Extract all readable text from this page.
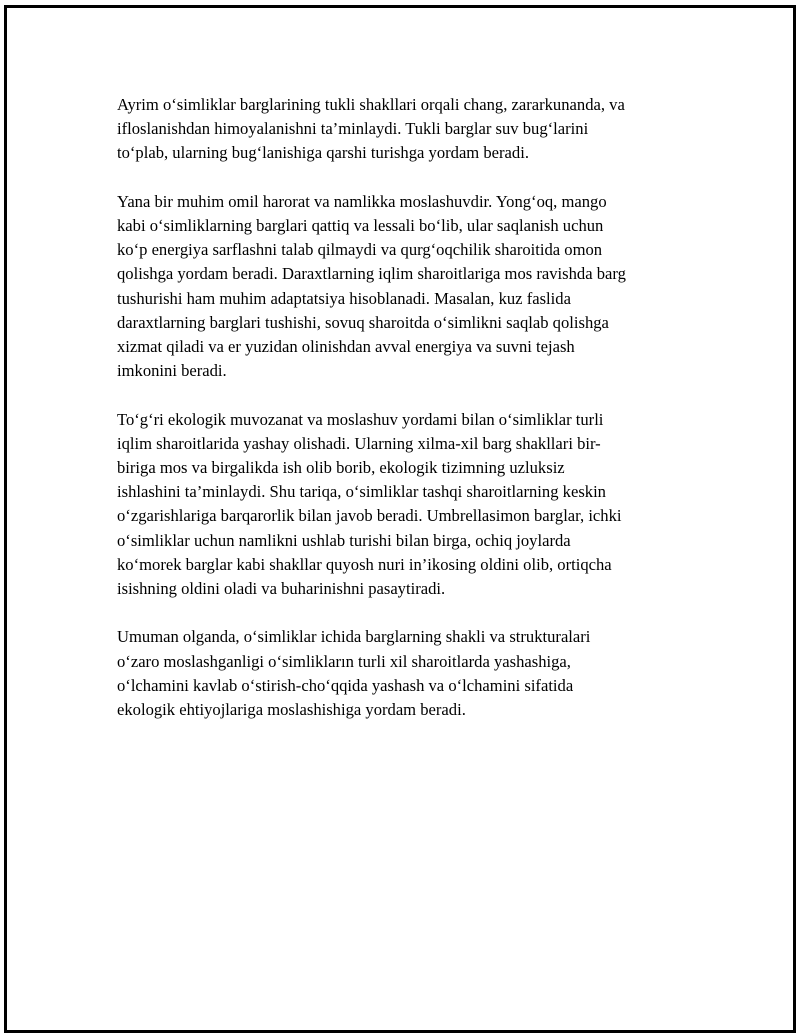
Ayrim o‘simliklar barglarining tukli shakllari orqali chang, zararkunanda, va
ifloslanishdan himoyalanishni ta’minlaydi. Tukli barglar suv bug‘larini
to‘plab, ularning bug‘lanishiga qarshi turishga yordam beradi.

Yana bir muhim omil harorat va namlikka moslashuvdir. Yong‘oq, mango
kabi o‘simliklarning barglari qattiq va lessali bo‘lib, ular saqlanish uchun
ko‘p energiya sarflashni talab qilmaydi va qurg‘oqchilik sharoitida omon
qolishga yordam beradi. Daraxtlarning iqlim sharoitlariga mos ravishda barg
tushurishi ham muhim adaptatsiya hisoblanadi. Masalan, kuz faslida
daraxtlarning barglari tushishi, sovuq sharoitda o‘simlikni saqlab qolishga
xizmat qiladi va er yuzidan olinishdan avval energiya va suvni tejash
imkonini beradi.

To‘g‘ri ekologik muvozanat va moslashuv yordami bilan o‘simliklar turli
iqlim sharoitlarida yashay olishadi. Ularning xilma-xil barg shakllari bir-
biriga mos va birgalikda ish olib borib, ekologik tizimning uzluksiz
ishlashini ta’minlaydi. Shu tariqa, o‘simliklar tashqi sharoitlarning keskin
o‘zgarishlariga barqarorlik bilan javob beradi. Umbrellasimon barglar, ichki
o‘simliklar uchun namlikni ushlab turishi bilan birga, ochiq joylarda
ko‘morek barglar kabi shakllar quyosh nuri in’ikosing oldini olib, ortiqcha
isishning oldini oladi va buharinishni pasaytiradi.

Umuman olganda, o‘simliklar ichida barglarning shakli va strukturalari
o‘zaro moslashganligi o‘simlikların turli xil sharoitlarda yashashiga,
o‘lchamini kavlab o‘stirish-cho‘qqida yashash va o‘lchamini sifatida
ekologik ehtiyojlariga moslashishiga yordam beradi.
